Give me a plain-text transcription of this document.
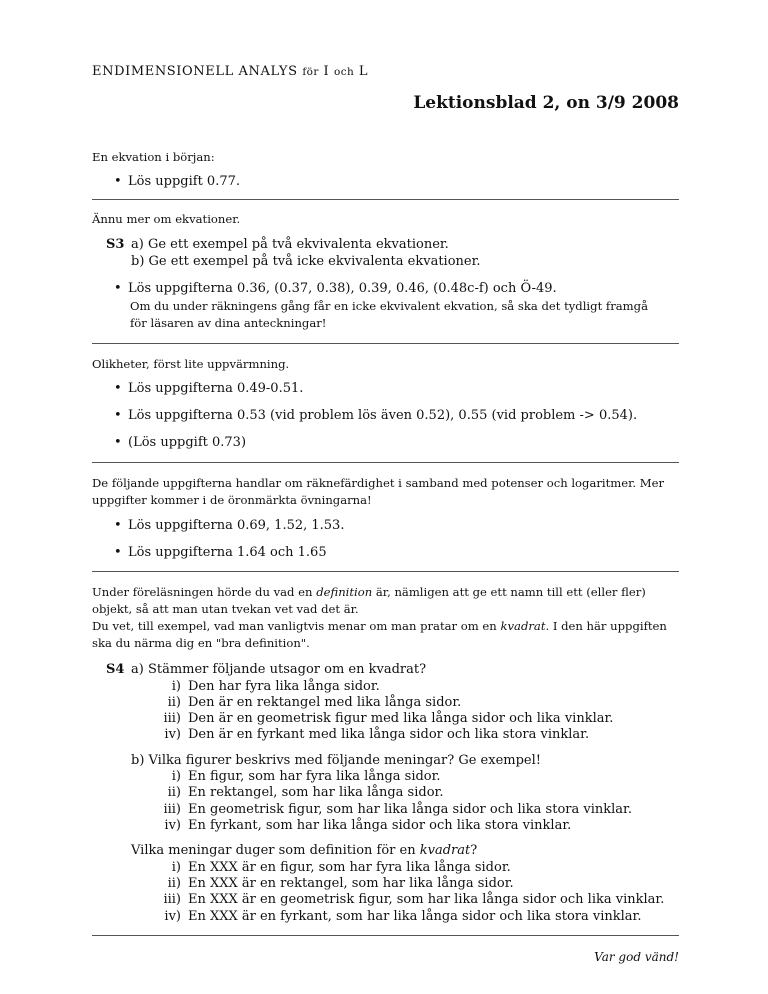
ENDIMENSIONELL ANALYS för I och L
Lektionsblad 2, on 3/9 2008
En ekvation i början:
• Lös uppgift 0.77.
Ännu mer om ekvationer.
S3 a) Ge ett exempel på två ekvivalenta ekvationer.
b) Ge ett exempel på två icke ekvivalenta ekvationer.
• Lös uppgifterna 0.36, (0.37, 0.38), 0.39, 0.46, (0.48c-f) och Ö-49.
Om du under räkningens gång får en icke ekvivalent ekvation, så ska det tydligt framgå
för läsaren av dina anteckningar!
Olikheter, först lite uppvärmning.
• Lös uppgifterna 0.49-0.51.
• Lös uppgifterna 0.53 (vid problem lös även 0.52), 0.55 (vid problem -> 0.54).
• (Lös uppgift 0.73)
De följande uppgifterna handlar om räknefärdighet i samband med potenser och logaritmer. Mer
uppgifter kommer i de öronmärkta övningarna!
• Lös uppgifterna 0.69, 1.52, 1.53.
• Lös uppgifterna 1.64 och 1.65
Under föreläsningen hörde du vad en definition är, nämligen att ge ett namn till ett (eller fler)
objekt, så att man utan tvekan vet vad det är.
Du vet, till exempel, vad man vanligtvis menar om man pratar om en kvadrat. I den här uppgiften
ska du närma dig en "bra definition".
S4 a) Stämmer följande utsagor om en kvadrat?
i) Den har fyra lika långa sidor.
ii) Den är en rektangel med lika långa sidor.
iii) Den är en geometrisk figur med lika långa sidor och lika vinklar.
iv) Den är en fyrkant med lika långa sidor och lika stora vinklar.
b) Vilka figurer beskrivs med följande meningar? Ge exempel!
i) En figur, som har fyra lika långa sidor.
ii) En rektangel, som har lika långa sidor.
iii) En geometrisk figur, som har lika långa sidor och lika stora vinklar.
iv) En fyrkant, som har lika långa sidor och lika stora vinklar.
Vilka meningar duger som definition för en kvadrat?
i) En XXX är en figur, som har fyra lika långa sidor.
ii) En XXX är en rektangel, som har lika långa sidor.
iii) En XXX är en geometrisk figur, som har lika långa sidor och lika vinklar.
iv) En XXX är en fyrkant, som har lika långa sidor och lika stora vinklar.
Var god vänd!
